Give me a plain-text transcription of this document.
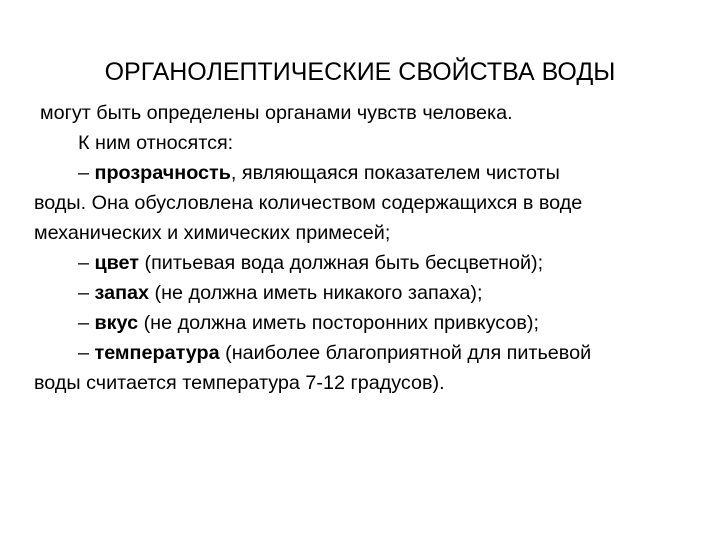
ОРГАНОЛЕПТИЧЕСКИЕ СВОЙСТВА ВОДЫ

могут быть определены органами чувств человека.

К ним относятся:

– прозрачность, являющаяся показателем чистоты

воды. Она обусловлена количеством содержащихся в воде

механических и химических примесей;

– цвет (питьевая вода должная быть бесцветной);

– запах (не должна иметь никакого запаха);

– вкус (не должна иметь посторонних привкусов);

– температура (наиболее благоприятной для питьевой

воды считается температура 7-12 градусов).
